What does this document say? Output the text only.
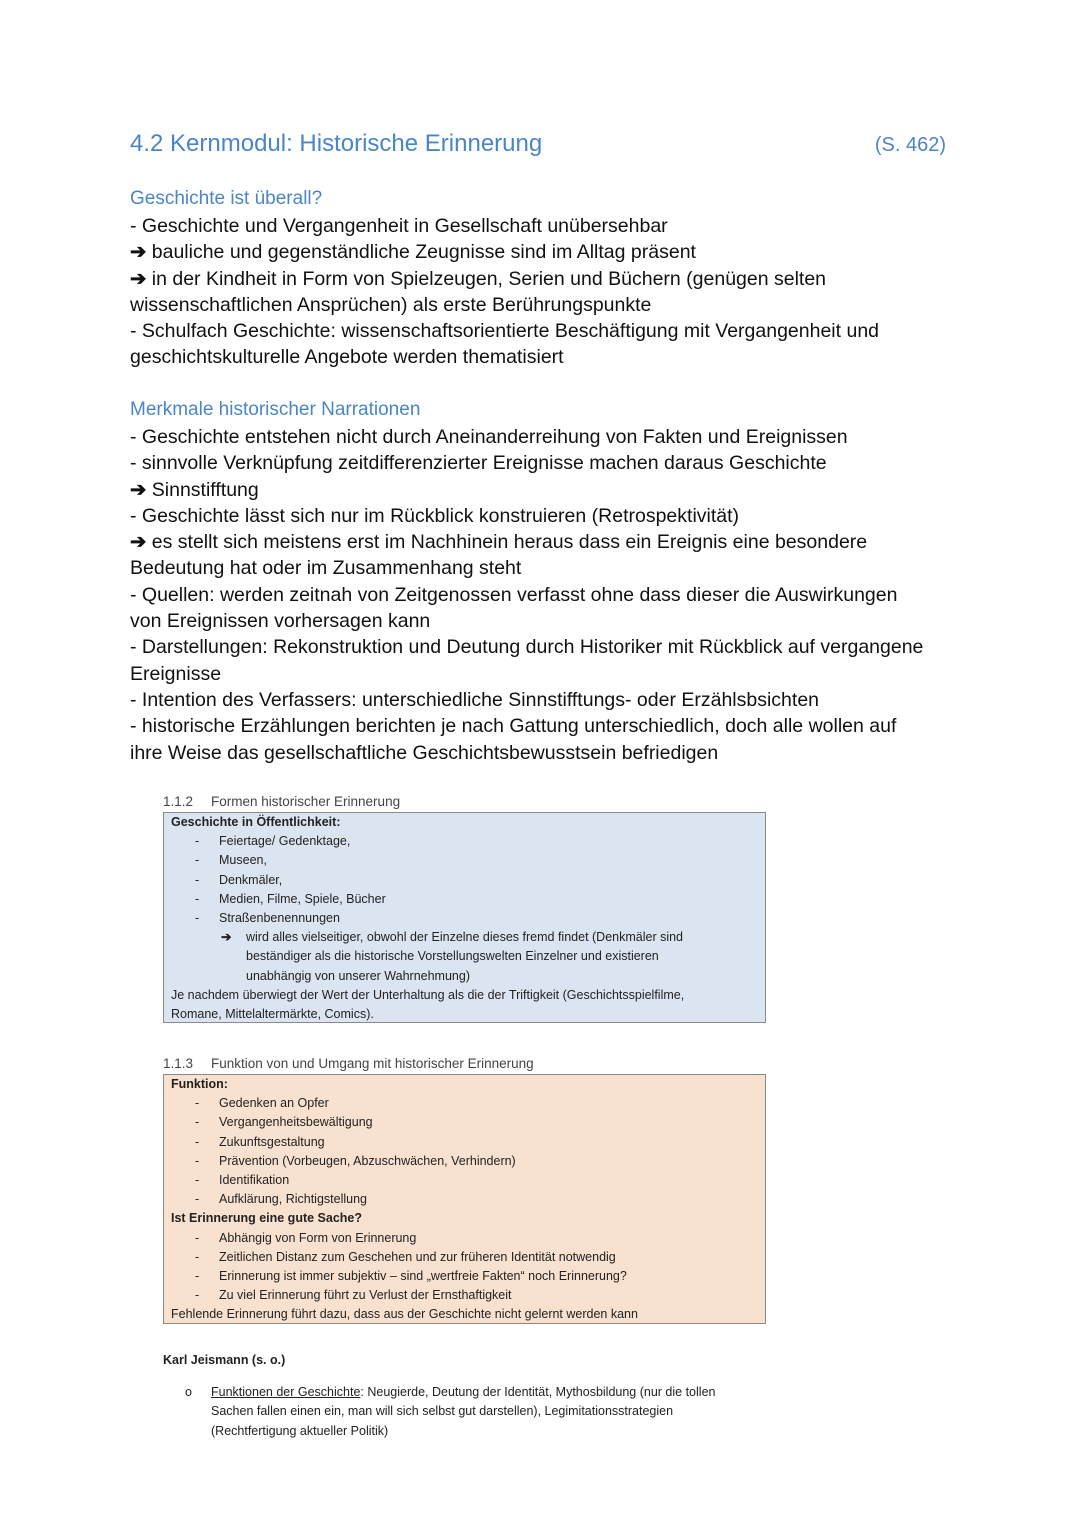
4.2 Kernmodul: Historische Erinnerung	(S. 462)
Geschichte ist überall?
- Geschichte und Vergangenheit in Gesellschaft unübersehbar
➔ bauliche und gegenständliche Zeugnisse sind im Alltag präsent
➔ in der Kindheit in Form von Spielzeugen, Serien und Büchern (genügen selten
wissenschaftlichen Ansprüchen) als erste Berührungspunkte
- Schulfach Geschichte: wissenschaftsorientierte Beschäftigung mit Vergangenheit und
geschichtskulturelle Angebote werden thematisiert
Merkmale historischer Narrationen
- Geschichte entstehen nicht durch Aneinanderreihung von Fakten und Ereignissen
- sinnvolle Verknüpfung zeitdifferenzierter Ereignisse machen daraus Geschichte
➔ Sinnstifftung
- Geschichte lässt sich nur im Rückblick konstruieren (Retrospektivität)
➔ es stellt sich meistens erst im Nachhinein heraus dass ein Ereignis eine besondere
Bedeutung hat oder im Zusammenhang steht
- Quellen: werden zeitnah von Zeitgenossen verfasst ohne dass dieser die Auswirkungen
von Ereignissen vorhersagen kann
- Darstellungen: Rekonstruktion und Deutung durch Historiker mit Rückblick auf vergangene
Ereignisse
- Intention des Verfassers: unterschiedliche Sinnstifftungs- oder Erzählsbsichten
- historische Erzählungen berichten je nach Gattung unterschiedlich, doch alle wollen auf
ihre Weise das gesellschaftliche Geschichtsbewusstsein befriedigen
1.1.2 Formen historischer Erinnerung
Geschichte in Öffentlichkeit:
- Feiertage/ Gedenktage,
- Museen,
- Denkmäler,
- Medien, Filme, Spiele, Bücher
- Straßenbenennungen
➔ wird alles vielseitiger, obwohl der Einzelne dieses fremd findet (Denkmäler sind
beständiger als die historische Vorstellungswelten Einzelner und existieren
unabhängig von unserer Wahrnehmung)
Je nachdem überwiegt der Wert der Unterhaltung als die der Triftigkeit (Geschichtsspielfilme,
Romane, Mittelaltermärkte, Comics).
1.1.3 Funktion von und Umgang mit historischer Erinnerung
Funktion:
- Gedenken an Opfer
- Vergangenheitsbewältigung
- Zukunftsgestaltung
- Prävention (Vorbeugen, Abzuschwächen, Verhindern)
- Identifikation
- Aufklärung, Richtigstellung
Ist Erinnerung eine gute Sache?
- Abhängig von Form von Erinnerung
- Zeitlichen Distanz zum Geschehen und zur früheren Identität notwendig
- Erinnerung ist immer subjektiv – sind „wertfreie Fakten“ noch Erinnerung?
- Zu viel Erinnerung führt zu Verlust der Ernsthaftigkeit
Fehlende Erinnerung führt dazu, dass aus der Geschichte nicht gelernt werden kann
Karl Jeismann (s. o.)
o Funktionen der Geschichte: Neugierde, Deutung der Identität, Mythosbildung (nur die tollen
Sachen fallen einen ein, man will sich selbst gut darstellen), Legimitationsstrategien
(Rechtfertigung aktueller Politik)
